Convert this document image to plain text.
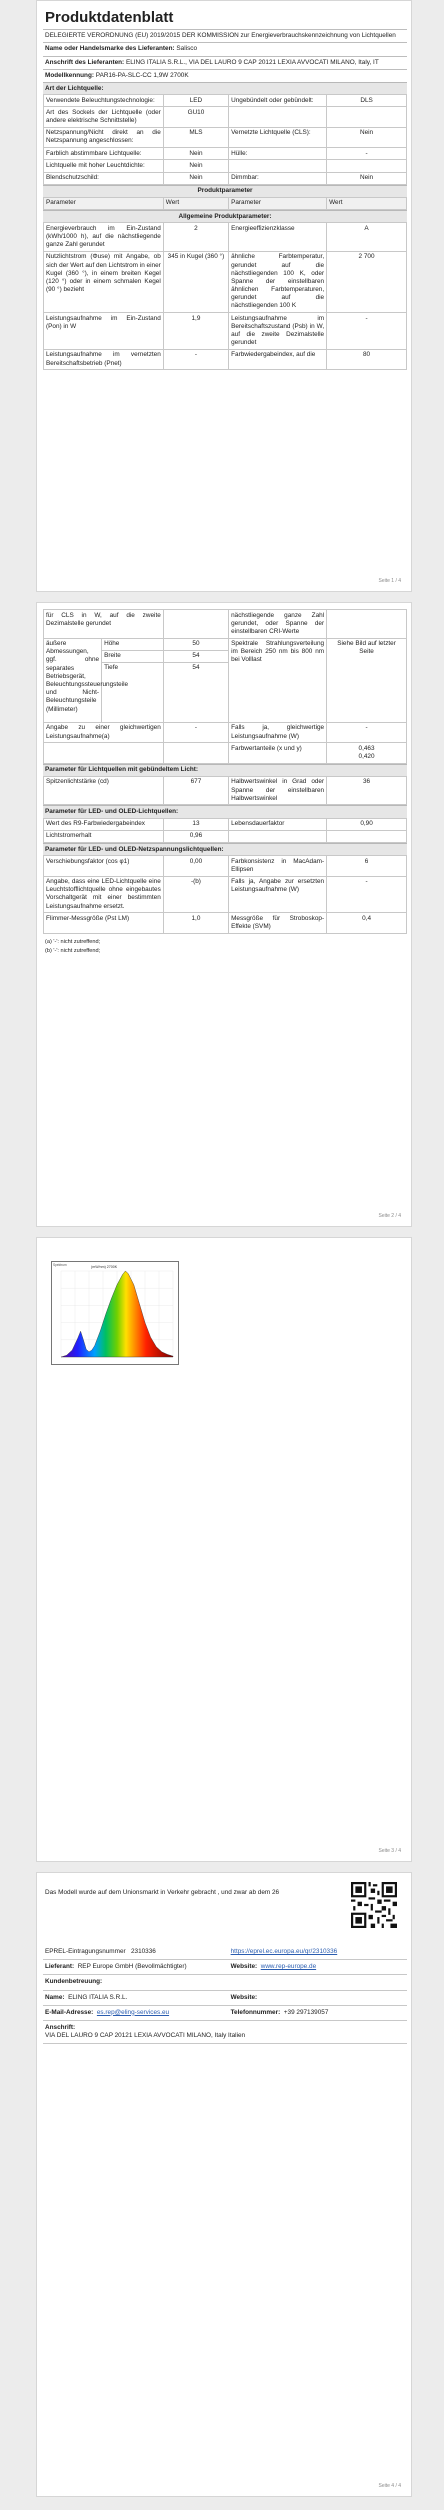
Produktdatenblatt
DELEGIERTE VERORDNUNG (EU) 2019/2015 DER KOMMISSION zur Energieverbrauchskennzeichnung von Lichtquellen
Name oder Handelsmarke des Lieferanten: Salisco
Anschrift des Lieferanten: ELING ITALIA S.R.L., VIA DEL LAURO 9 CAP 20121 LEXIA AVVOCATI MILANO, Italy, IT
Modellkennung: PAR16-PA-SLC-CC 1,9W 2700K
Art der Lichtquelle:
Verwendete Beleuchtungstechnologie:	LED	Ungebündelt oder gebündelt:	DLS
Art des Sockels der Lichtquelle (oder andere elektrische Schnittstelle)	GU10		
Netzspannung/Nicht direkt an die Netzspannung angeschlossen:	MLS	Vernetzte Lichtquelle (CLS):	Nein
Farblich abstimmbare Lichtquelle:	Nein	Hülle:	-
Lichtquelle mit hoher Leuchtdichte:	Nein		
Blendschutzschild:	Nein	Dimmbar:	Nein
Produktparameter
Parameter	Wert	Parameter	Wert
Allgemeine Produktparameter:
Energieverbrauch im Ein-Zustand (kWh/1000 h), auf die nächstliegende ganze Zahl gerundet	2	Energieeffizienzklasse	A
Nutzlichtstrom (Φuse) mit Angabe, ob sich der Wert auf den Lichtstrom in einer Kugel (360 °), in einem breiten Kegel (120 °) oder in einem schmalen Kegel (90 °) bezieht	345 in Kugel (360 °)	ähnliche Farbtemperatur, gerundet auf die nächstliegenden 100 K, oder Spanne der einstellbaren ähnlichen Farbtemperaturen, gerundet auf die nächstliegenden 100 K	2 700
Leistungsaufnahme im Ein-Zustand (Pon) in W	1,9	Leistungsaufnahme im Bereitschaftszustand (Psb) in W, auf die zweite Dezimalstelle gerundet	-
Leistungsaufnahme im vernetzten Bereitschaftsbetrieb (Pnet)	-	Farbwiedergabeindex, auf die	80
Seite 1 / 4
für CLS in W, auf die zweite Dezimalstelle gerundet			nächstliegende ganze Zahl gerundet, oder Spanne der einstellbaren CRI-Werte	
äußere Abmessungen, ggf. ohne separates Betriebsgerät, Beleuchtungssteuerungsteile und Nicht-Beleuchtungsteile (Millimeter)	Höhe	50	Spektrale Strahlungsverteilung im Bereich 250 nm bis 800 nm bei Volllast	Siehe Bild auf letzter Seite
	Breite	54		
	Tiefe	54		
Angabe zu einer gleichwertigen Leistungsaufnahme(a)		-	Falls ja, gleichwertige Leistungsaufnahme (W)	-
			Farbwertanteile (x und y)	0,463
0,420
Parameter für Lichtquellen mit gebündeltem Licht:
Spitzenlichtstärke (cd)	677	Halbwertswinkel in Grad oder Spanne der einstellbaren Halbwertswinkel	36
Parameter für LED- und OLED-Lichtquellen:
Wert des R9-Farbwiedergabeindex	13	Lebensdauerfaktor	0,90
Lichtstromerhalt	0,96		
Parameter für LED- und OLED-Netzspannungslichtquellen:
Verschiebungsfaktor (cos φ1)	0,00	Farbkonsistenz in MacAdam-Ellipsen	6
Angabe, dass eine LED-Lichtquelle eine Leuchtstofflichtquelle ohne eingebautes Vorschaltgerät mit einer bestimmten Leistungsaufnahme ersetzt.	-(b)	Falls ja, Angabe zur ersetzten Leistungsaufnahme (W)	-
Flimmer-Messgröße (Pst LM)	1,0	Messgröße für Stroboskop-Effekte (SVM)	0,4
(a) '-': nicht zutreffend;
(b) '-': nicht zutreffend;
Seite 2 / 4
(mW/nm) 2700K
Spektrum
Seite 3 / 4
Das Modell wurde auf dem Unionsmarkt in Verkehr gebracht , und zwar ab dem 26
EPREL-Eintragungsnummer 2310336	https://eprel.ec.europa.eu/qr/2310336
Lieferant: REP Europe GmbH (Bevollmächtigter)	Website: www.rep-europe.de
Kundenbetreuung:	
Name: ELING ITALIA S.R.L.	Website:
E-Mail-Adresse: es.rep@eling-services.eu	Telefonnummer: +39 297139057
Anschrift:
VIA DEL LAURO 9 CAP 20121 LEXIA AVVOCATI MILANO, Italy Italien	
Seite 4 / 4
